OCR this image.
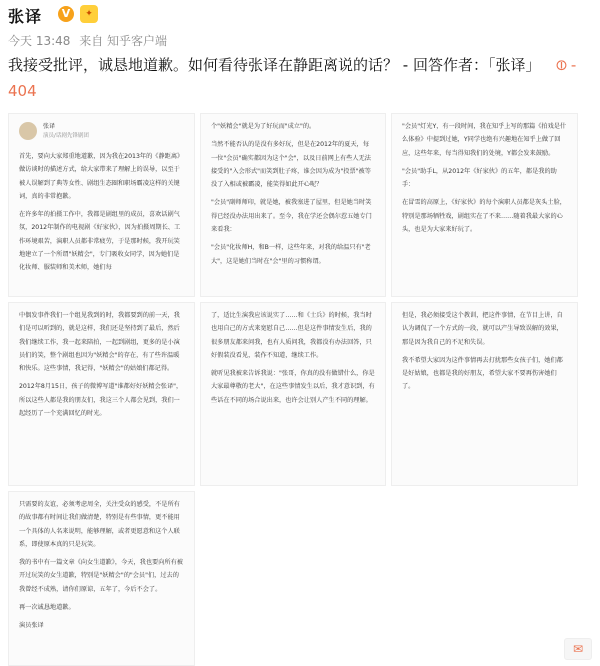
张译	V	✦
今天 13:48 来自 知乎客户端
我接受批评，诚恳地道歉。如何看待张译在静距离说的话？ - 回答作者：「张译」 ⊘- 404
张译
演员/话剧先锋剧团

首先，要向大家郑重地道歉，因为我在2013年的《静距离》做访谈时的描述方式，给大家带来了理解上的误导，以至于被人误解到了典等女性、剧组生态圈和职场霸凌这样的关键词，真的非常抱歉。

在许多年的拍摄工作中，我都是剧组里的成员，喜欢话剧气氛，2012年制作的电视剧《好家伙》，因为拍摄周期长、工作环境艰苦，演职人员都非常疲劳，于是那时候，我开玩笑地建立了一个所谓"妖精会"，专门吸收女同学，因为她们是化妆师、服装师和美术师，她们每

个"妖精会"就是为了好玩而"成立"的。

当然不能否认的是没有多好玩，但是在2012年的夏天，每一位"会员"确实都因为这个"会"，以及日前网上有些人无法接受的"入会形式"而笑到肚子疼，谁会因为成为"投票"被等没了入相或被霸凌，能笑得如此开心呢？

"会员"副师师印，就是她，被我塞进了屋里，但是她当时笑得已经没办法用出来了。至今，我在学还会偶尔惹五她专门来看我：

"会员"化妆师H，和B一样，这些年来，对我的给温只有"老大"，这是她们当时在"会"里的习惯称谓。

"会员"灯光Y，有一段时间，我在知乎上写的那篇《拍戏是什么体验》中提到过她，Y同学也绝有兴趣地在知乎上做了回应，这些年来，每当得知我们的处境，Y都会发来鼓励。

"会员"助手L，从2012年《好家伙》的五年，都是我的助手：

在冒雪的高原上，《好家伙》的每个演职人员都是灰头土脸，特别是那场牺牲戏，剧组实在了不来……随着我最大家的心头，也是为大家来好玩了。

中偶发事件我们一个组见我到的时，我都要到的前一天，我们是可以听到的，就是这样，我们还是坚持到了最后，然后我们继续工作，我一起来陪拍，一起到剧组，更多的是小演员们的笑，整个剧组也因为"妖精会"的存在，有了些许温暖和快乐。这些事情，我记得，"妖精会"的姑娘们都记得。

2012年8月15日，孩子的微博写道"谁都好好妖精会张译"，所以这些人都是我的朋友们，我这三个人都会见到，我们一起经历了一个充满回忆的时光。

了，适比生演我应该说实了……和《士兵》的时候，我当时也用自己的方式来宽慰自己……但是这件事情发生后，我的很多朋友都来问我，也有人质问我，我都没有办法回答，只好假装没看见，装作不知道，继续工作。

就听见我被来告诉我说："张哥，你真的没有做错什么，你是大家最尊敬的老大"，在这些事情发生以后，我才意识到，有些话在不同的场合说出来，也许会让别人产生不同的理解。

但是，我必须接受这个教训，把这件事情，在节目上讲，自认为调侃了一个方式的一段，就可以产生导致误解的效果，那是因为我自己的不足和失误。

我不希望大家因为这件事情再去打扰那些女孩子们，她们都是好姑娘，也都是我的好朋友，希望大家不要再伤害她们了。

只需要的友谊，必须考虑周全，关注受众的感受，不是所有的故事都有时间让我们做清楚，特别是有些事情，更不能用一个具体的人名来说明，能够理解，或者更愿意和这个人联系，即使原本真的只是玩笑。

我的书中有一篇文章《向女生道歉》，今天，我也要向所有被开过玩笑的女生道歉，特别是"妖精会"的"会员"们，过去的我曾经不成熟，请你们原谅，五年了，今后不会了。

再一次诚恳地道歉。

演员张译

✉
